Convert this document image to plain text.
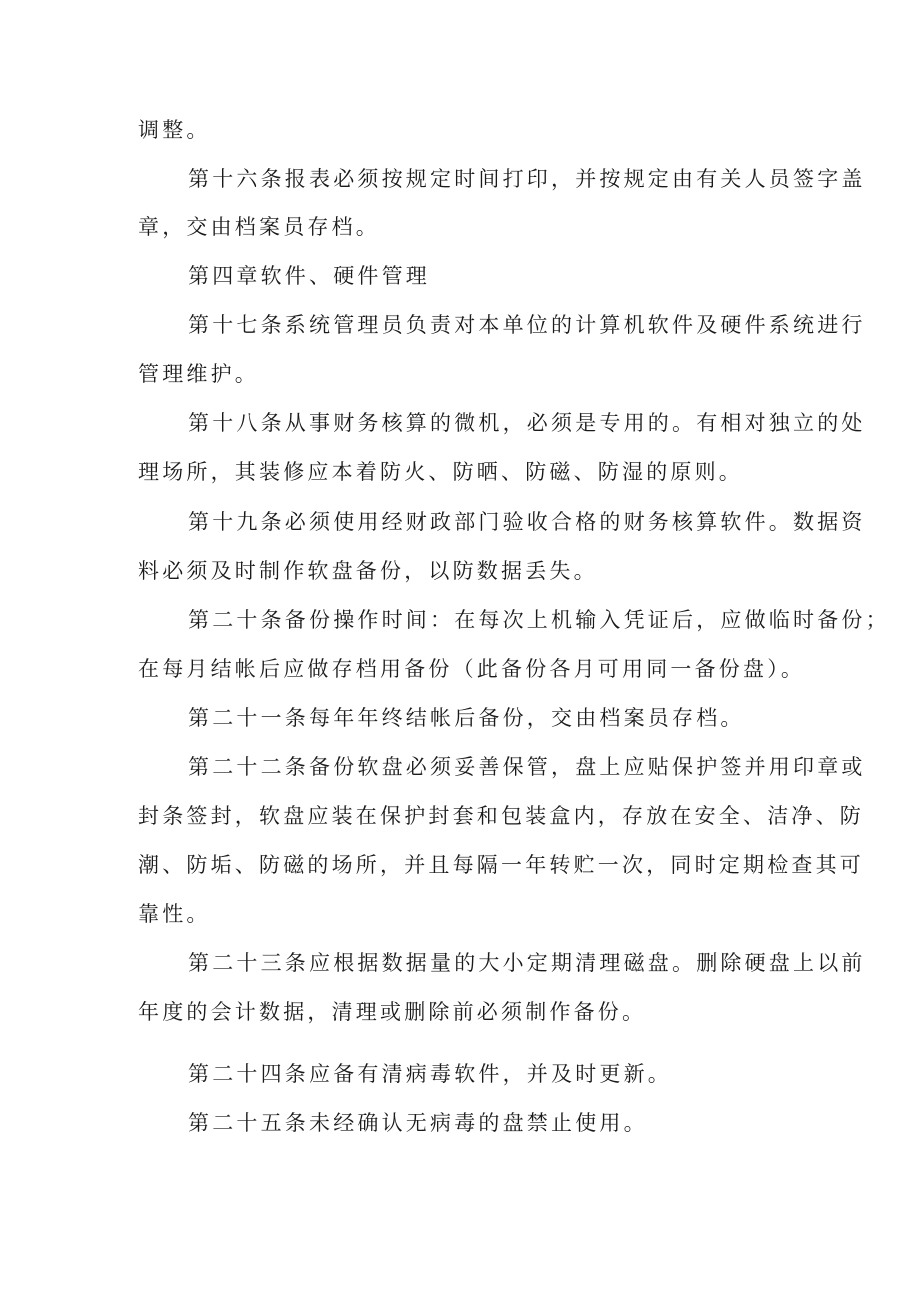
调整。
第十六条报表必须按规定时间打印，并按规定由有关人员签字盖
章，交由档案员存档。
第四章软件、硬件管理
第十七条系统管理员负责对本单位的计算机软件及硬件系统进行
管理维护。
第十八条从事财务核算的微机，必须是专用的。有相对独立的处
理场所，其装修应本着防火、防晒、防磁、防湿的原则。
第十九条必须使用经财政部门验收合格的财务核算软件。数据资
料必须及时制作软盘备份，以防数据丢失。
第二十条备份操作时间：在每次上机输入凭证后，应做临时备份；
在每月结帐后应做存档用备份（此备份各月可用同一备份盘）。
第二十一条每年年终结帐后备份，交由档案员存档。
第二十二条备份软盘必须妥善保管，盘上应贴保护签并用印章或
封条签封，软盘应装在保护封套和包装盒内，存放在安全、洁净、防
潮、防垢、防磁的场所，并且每隔一年转贮一次，同时定期检查其可
靠性。
第二十三条应根据数据量的大小定期清理磁盘。删除硬盘上以前
年度的会计数据，清理或删除前必须制作备份。
第二十四条应备有清病毒软件，并及时更新。
第二十五条未经确认无病毒的盘禁止使用。
